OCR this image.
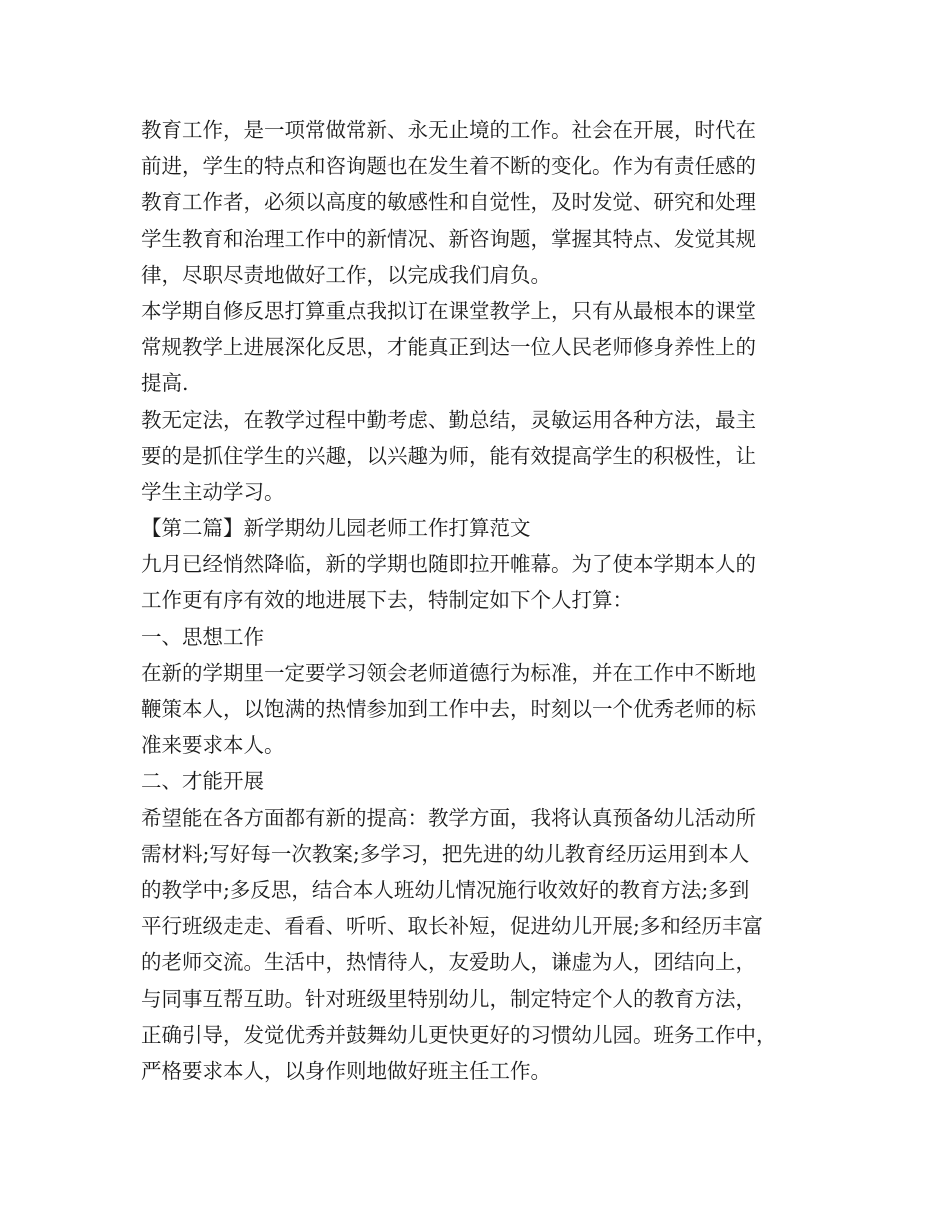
教育工作，是一项常做常新、永无止境的工作。社会在开展，时代在
前进，学生的特点和咨询题也在发生着不断的变化。作为有责任感的
教育工作者，必须以高度的敏感性和自觉性，及时发觉、研究和处理
学生教育和治理工作中的新情况、新咨询题，掌握其特点、发觉其规
律，尽职尽责地做好工作，以完成我们肩负。
本学期自修反思打算重点我拟订在课堂教学上，只有从最根本的课堂
常规教学上进展深化反思，才能真正到达一位人民老师修身养性上的
提高.
教无定法，在教学过程中勤考虑、勤总结，灵敏运用各种方法，最主
要的是抓住学生的兴趣，以兴趣为师，能有效提高学生的积极性，让
学生主动学习。
【第二篇】新学期幼儿园老师工作打算范文
九月已经悄然降临，新的学期也随即拉开帷幕。为了使本学期本人的
工作更有序有效的地进展下去，特制定如下个人打算：
一、思想工作
在新的学期里一定要学习领会老师道德行为标准，并在工作中不断地
鞭策本人，以饱满的热情参加到工作中去，时刻以一个优秀老师的标
准来要求本人。
二、才能开展
希望能在各方面都有新的提高：教学方面，我将认真预备幼儿活动所
需材料;写好每一次教案;多学习，把先进的幼儿教育经历运用到本人
的教学中;多反思，结合本人班幼儿情况施行收效好的教育方法;多到
平行班级走走、看看、听听、取长补短，促进幼儿开展;多和经历丰富
的老师交流。生活中，热情待人，友爱助人，谦虚为人，团结向上，
与同事互帮互助。针对班级里特别幼儿，制定特定个人的教育方法，
正确引导，发觉优秀并鼓舞幼儿更快更好的习惯幼儿园。班务工作中，
严格要求本人，以身作则地做好班主任工作。
